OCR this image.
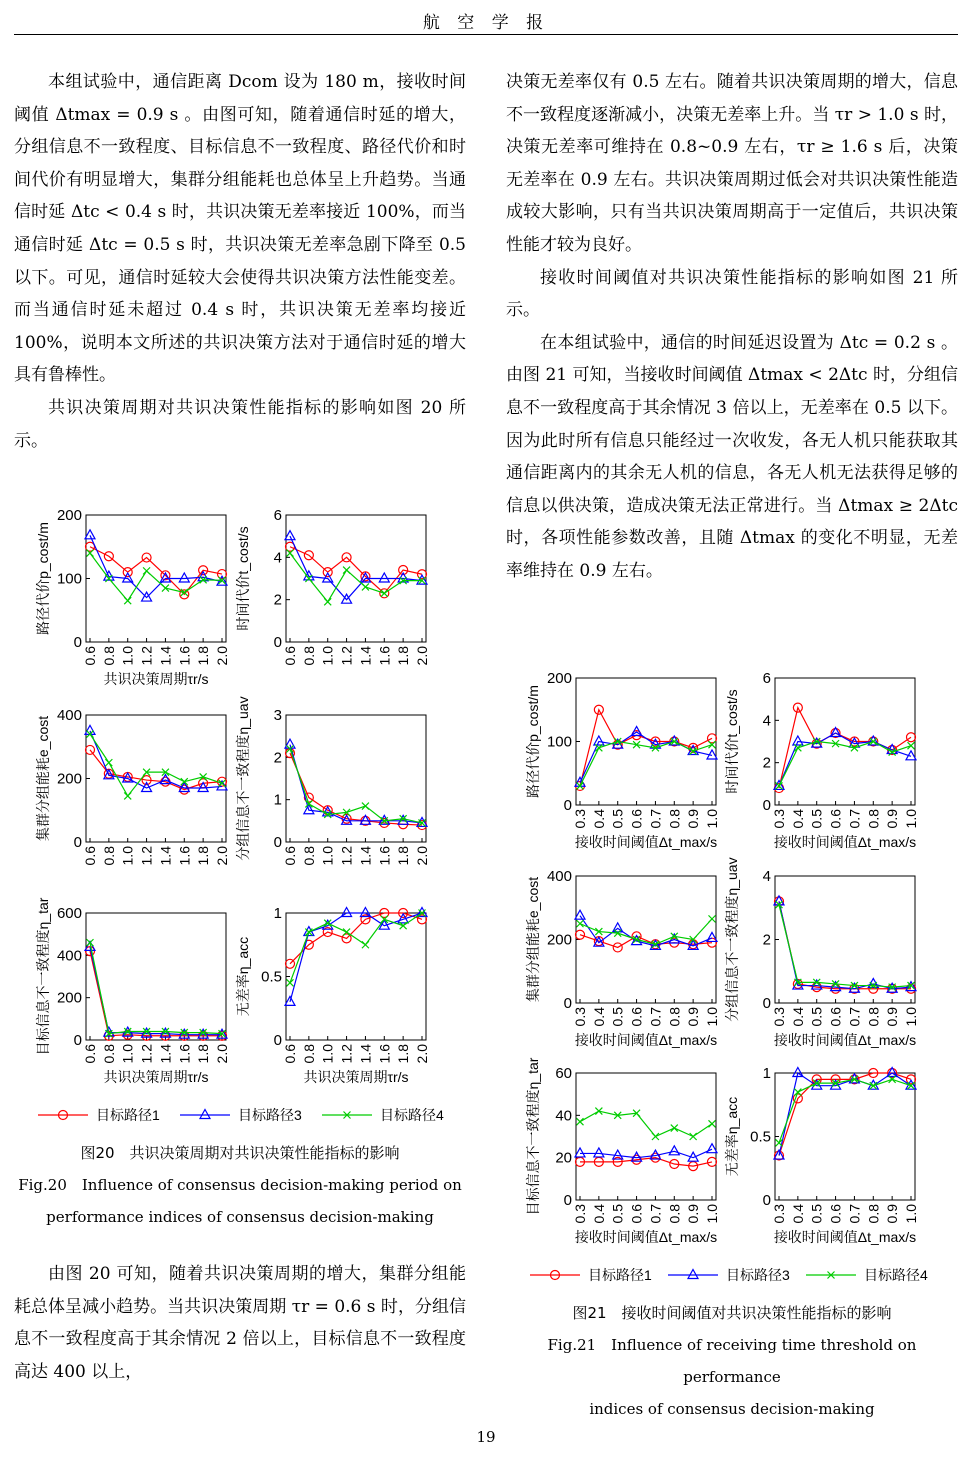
航 空 学 报

本组试验中，通信距离 Dcom 设为 180 m，接收时间阈值 Δtmax = 0.9 s 。由图可知，随着通信时延的增大，分组信息不一致程度、目标信息不一致程度、路径代价和时间代价有明显增大，集群分组能耗也总体呈上升趋势。当通信时延 Δtc < 0.4 s 时，共识决策无差率接近 100%，而当通信时延 Δtc = 0.5 s 时，共识决策无差率急剧下降至 0.5 以下。可见，通信时延较大会使得共识决策方法性能变差。而当通信时延未超过 0.4 s 时，共识决策无差率均接近 100%，说明本文所述的共识决策方法对于通信时延的增大具有鲁棒性。

共识决策周期对共识决策性能指标的影响如图 20 所示。

决策无差率仅有 0.5 左右。随着共识决策周期的增大，信息不一致程度逐渐减小，决策无差率上升。当 τr > 1.0 s 时，决策无差率可维持在 0.8~0.9 左右，τr ≥ 1.6 s 后，决策无差率在 0.9 左右。共识决策周期过低会对共识决策性能造成较大影响，只有当共识决策周期高于一定值后，共识决策性能才较为良好。

接收时间阈值对共识决策性能指标的影响如图 21 所示。

在本组试验中，通信的时间延迟设置为 Δtc = 0.2 s 。由图 21 可知，当接收时间阈值 Δtmax < 2Δtc 时，分组信息不一致程度高于其余情况 3 倍以上，无差率在 0.5 以下。因为此时所有信息只能经过一次收发，各无人机只能获取其通信距离内的其余无人机的信息，各无人机无法获得足够的信息以供决策，造成决策无法正常进行。当 Δtmax ≥ 2Δtc 时，各项性能参数改善，且随 Δtmax 的变化不明显，无差率维持在 0.9 左右。

0
100
200
0.6 0.8 1.0 1.2 1.4 1.6 1.8 2.0
路径代价p_cost/m
共识决策周期τr/s
0
2
4
6
0.6 0.8 1.0 1.2 1.4 1.6 1.8 2.0
时间代价t_cost/s
0
200
400
0.6 0.8 1.0 1.2 1.4 1.6 1.8 2.0
集群分组能耗e_cost
0
1
2
3
0.6 0.8 1.0 1.2 1.4 1.6 1.8 2.0
分组信息不一致程度η_uav
0
200
400
600
0.6 0.8 1.0 1.2 1.4 1.6 1.8 2.0
目标信息不一致程度η_tar
共识决策周期τr/s
0
0.5
1
0.6 0.8 1.0 1.2 1.4 1.6 1.8 2.0
无差率η_acc
共识决策周期τr/s
目标路径1	目标路径3	目标路径4
图20　共识决策周期对共识决策性能指标的影响
Fig.20　Influence of consensus decision-making period on
performance indices of consensus decision-making

由图 20 可知，随着共识决策周期的增大，集群分组能耗总体呈减小趋势。当共识决策周期 τr = 0.6 s 时，分组信息不一致程度高于其余情况 2 倍以上，目标信息不一致程度高达 400 以上，

0
100
200
0.3 0.4 0.5 0.6 0.7 0.8 0.9 1.0
路径代价p_cost/m
接收时间阈值Δt_max/s
0
2
4
6
0.3 0.4 0.5 0.6 0.7 0.8 0.9 1.0
时间代价t_cost/s
接收时间阈值Δt_max/s
0
200
400
0.3 0.4 0.5 0.6 0.7 0.8 0.9 1.0
集群分组能耗e_cost
接收时间阈值Δt_max/s
0
2
4
0.3 0.4 0.5 0.6 0.7 0.8 0.9 1.0
分组信息不一致程度η_uav
接收时间阈值Δt_max/s
0
20
40
60
0.3 0.4 0.5 0.6 0.7 0.8 0.9 1.0
目标信息不一致程度η_tar
接收时间阈值Δt_max/s
0
0.5
1
0.3 0.4 0.5 0.6 0.7 0.8 0.9 1.0
无差率η_acc
接收时间阈值Δt_max/s
目标路径1	目标路径3	目标路径4
图21　接收时间阈值对共识决策性能指标的影响
Fig.21　Influence of receiving time threshold on performance
indices of consensus decision-making
19
